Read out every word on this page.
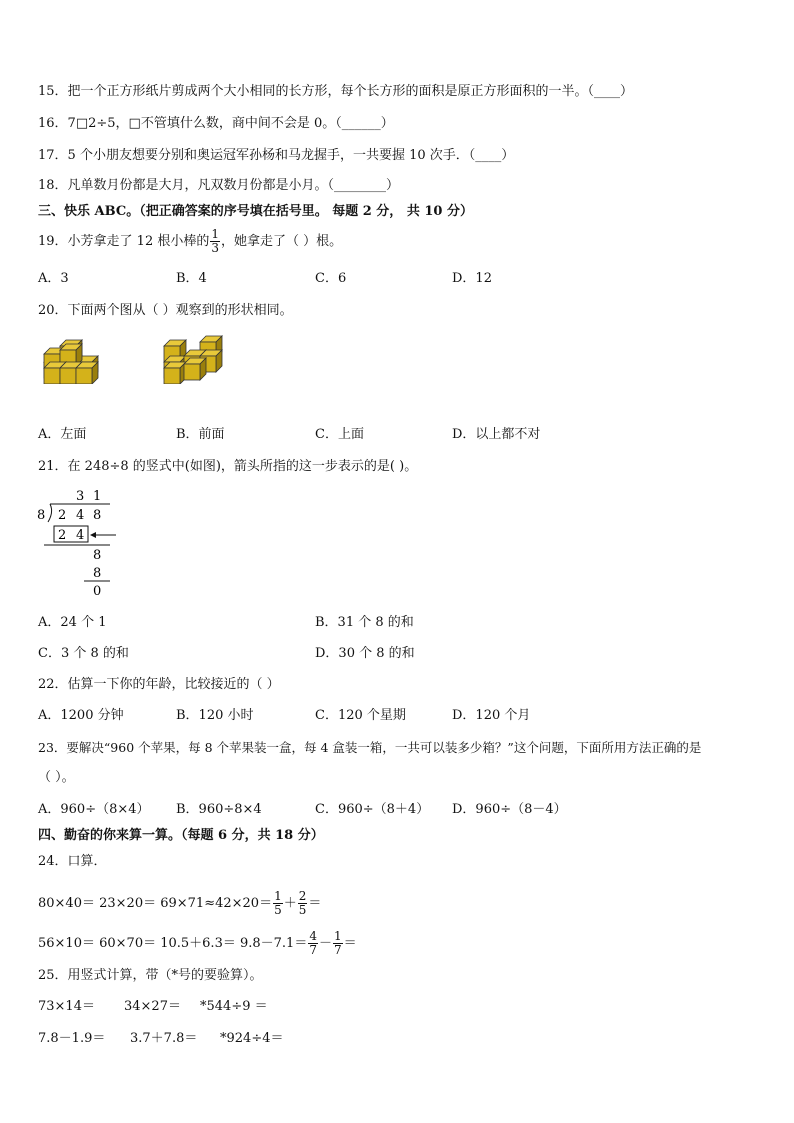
15．把一个正方形纸片剪成两个大小相同的长方形，每个长方形的面积是原正方形面积的一半。（____）
16．7□2÷5，□不管填什么数，商中间不会是 0。（______）
17．5 个小朋友想要分别和奥运冠军孙杨和马龙握手，一共要握 10 次手．（____）
18．凡单数月份都是大月，凡双数月份都是小月。（________）
三、快乐 ABC。（把正确答案的序号填在括号里。 每题 2 分， 共 10 分）
19．小芳拿走了 12 根小棒的 $\frac{1}{3}$ ，她拿走了（ ）根。
A．3	B．4	C．6	D．12
20．下面两个图从（ ）观察到的形状相同。
A．左面	B．前面	C．上面	D．以上都不对
21．在 248÷8 的竖式中(如图)，箭头所指的这一步表示的是( )。
3 1
8 2 4 8
2 4
8
8
0
A．24 个 1	B．31 个 8 的和
C．3 个 8 的和	D．30 个 8 的和
22．估算一下你的年龄，比较接近的（ ）
A．1200 分钟	B．120 小时	C．120 个星期	D．120 个月
23．要解决“960 个苹果，每 8 个苹果装一盒，每 4 盒装一箱，一共可以装多少箱？”这个问题，下面所用方法正确的是
（ ）。
A．960÷（8×4） B．960÷8×4	C．960÷（8＋4） D．960÷（8－4）
四、勤奋的你来算一算。（每题 6 分，共 18 分）
24．口算．
$80\times 40= 23\times 20= 69\times 71\approx 42\times 20= \frac{1}{5} + \frac{2}{5}$ ＝
$56\times 10= 60\times 70= 10.5+6.3= 9.8-7.1= \frac{4}{7} - \frac{1}{7}$ ＝
25．用竖式计算，带（*号的要验算）。
73×14＝ 34×27＝ *544÷9 ＝
7.8－1.9＝ 3.7＋7.8＝ *924÷4＝
